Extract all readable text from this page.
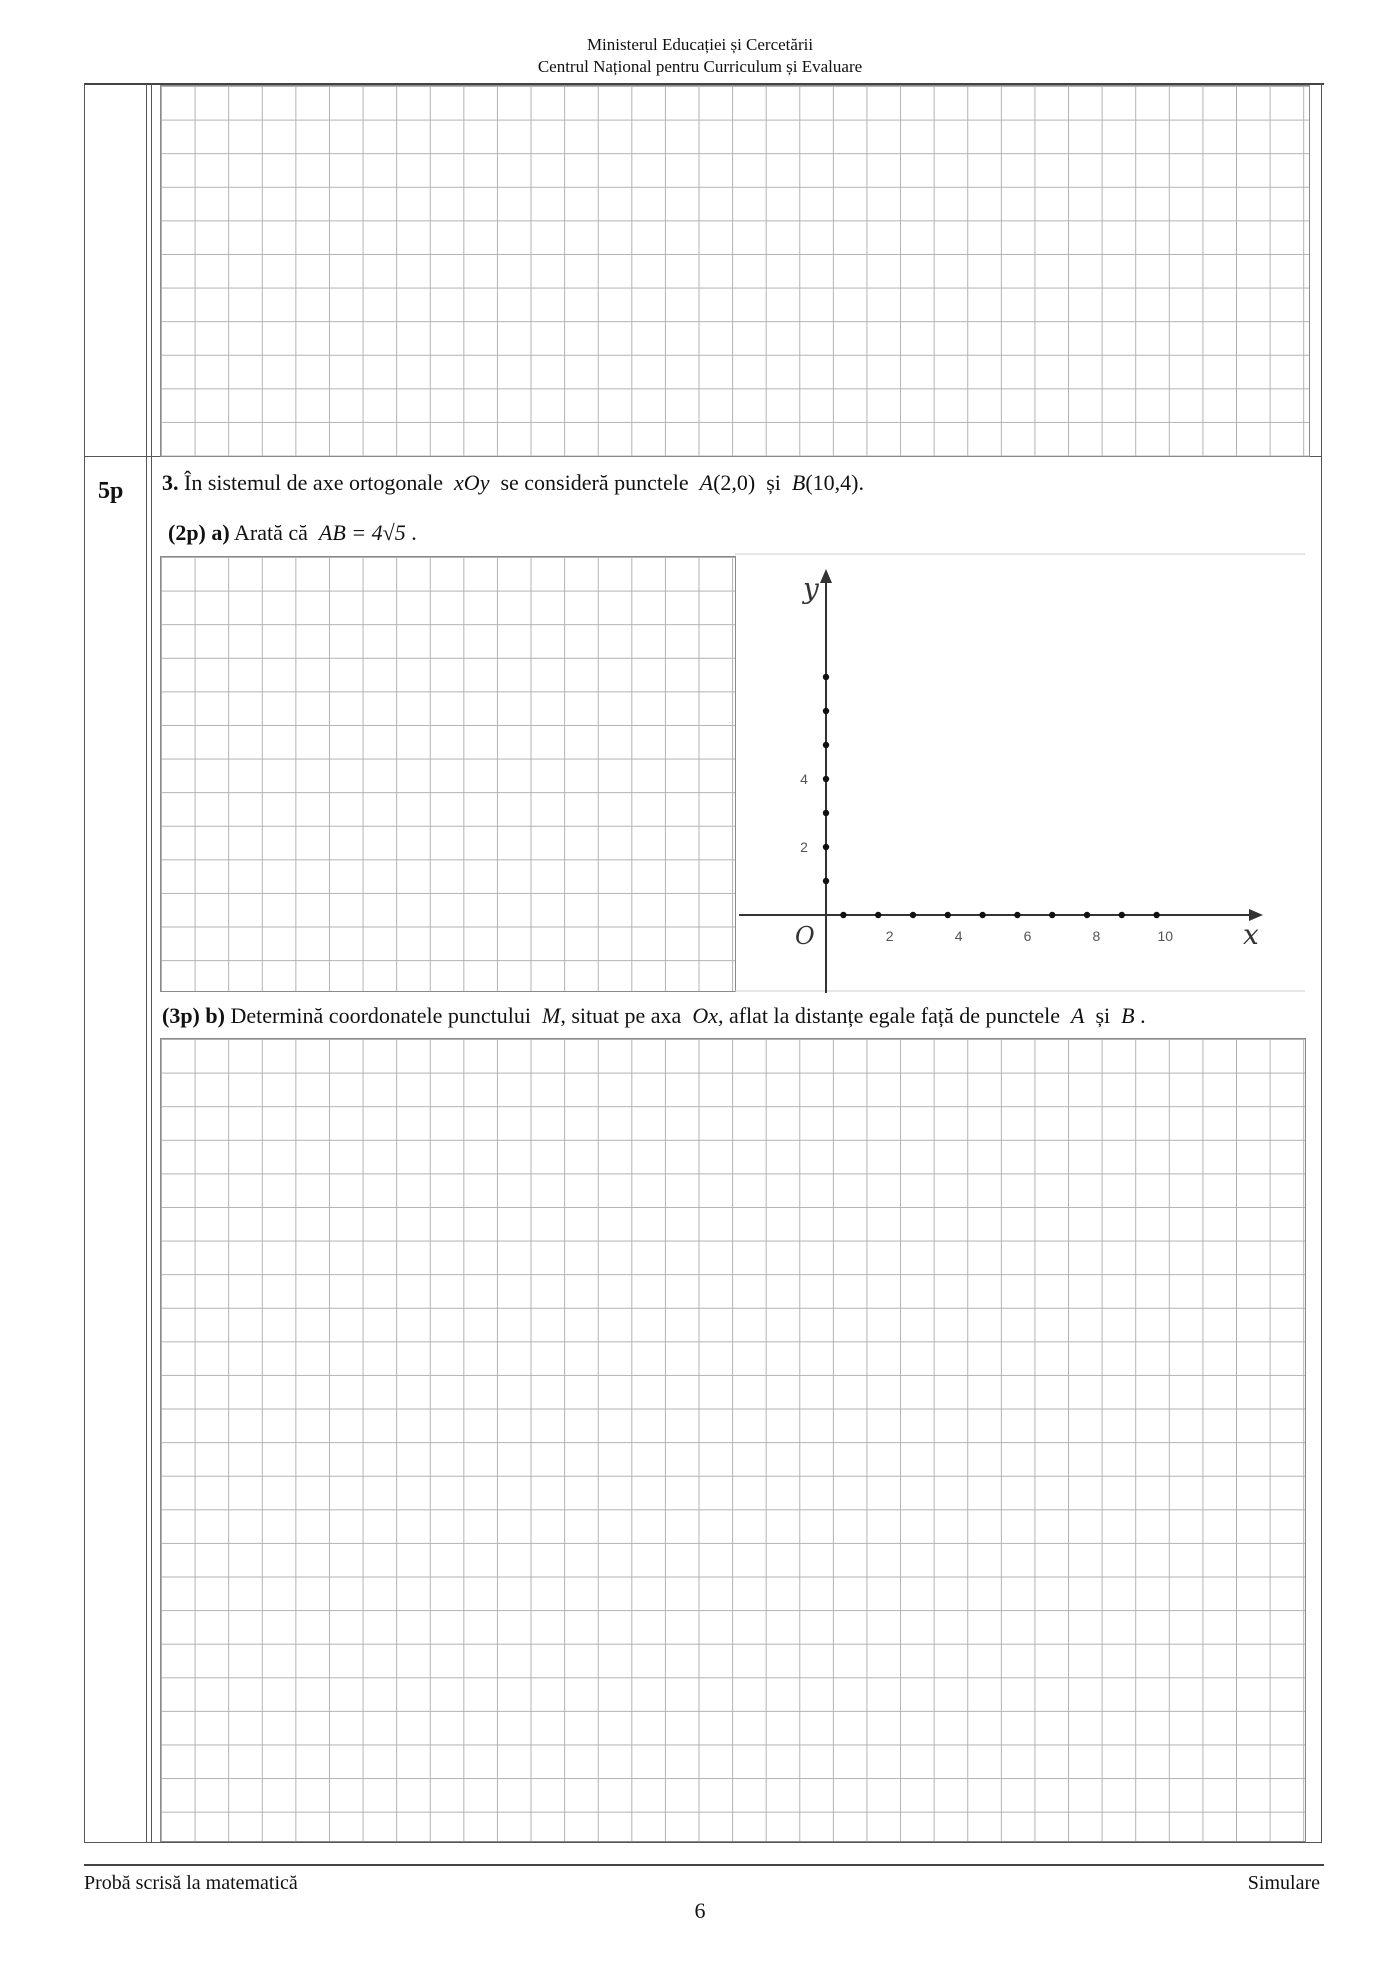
Ministerul Educației și Cercetării
Centrul Național pentru Curriculum și Evaluare
5p 3. În sistemul de axe ortogonale xOy se consideră punctele A(2,0) și B(10,4).
(2p) a) Arată că AB = 4√5 .
y
x
O	2	4	6	8	10
2
4
(3p) b) Determină coordonatele punctului M, situat pe axa Ox, aflat la distanțe egale față de punctele A și B .
Probă scrisă la matematică	Simulare
6
